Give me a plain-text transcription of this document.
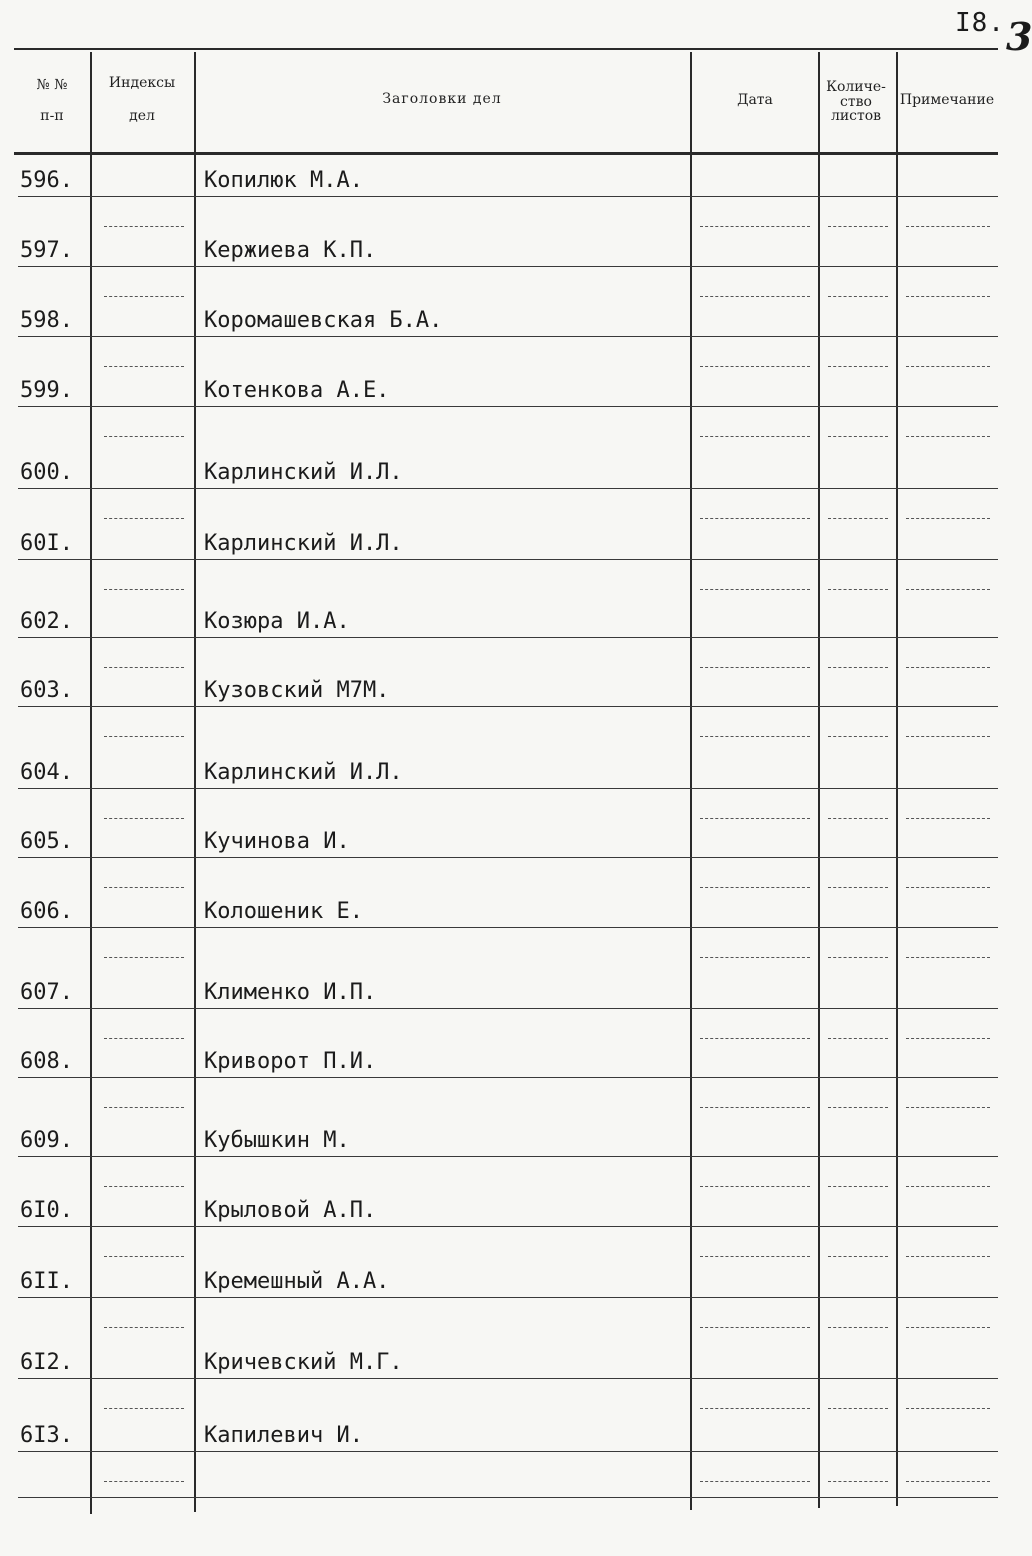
I8. 3
№ №
п-п
Индексы
дел
Заголовки дел	Дата
Количе-
ство
листов
Примечание
596.	Копилюк М.А.
597.	Кержиева К.П.
598.	Коромашевская Б.А.
599.	Котенкова А.Е.
600.	Карлинский И.Л.
60I.	Карлинский И.Л.
602.	Козюра И.А.
603.	Кузовский М7М.
604.	Карлинский И.Л.
605.	Кучинова И.
606.	Колошеник Е.
607.	Клименко И.П.
608.	Криворот П.И.
609.	Кубышкин М.
6I0.	Крыловой А.П.
6II.	Кремешный А.А.
6I2.	Кричевский М.Г.
6I3.	Капилевич И.
